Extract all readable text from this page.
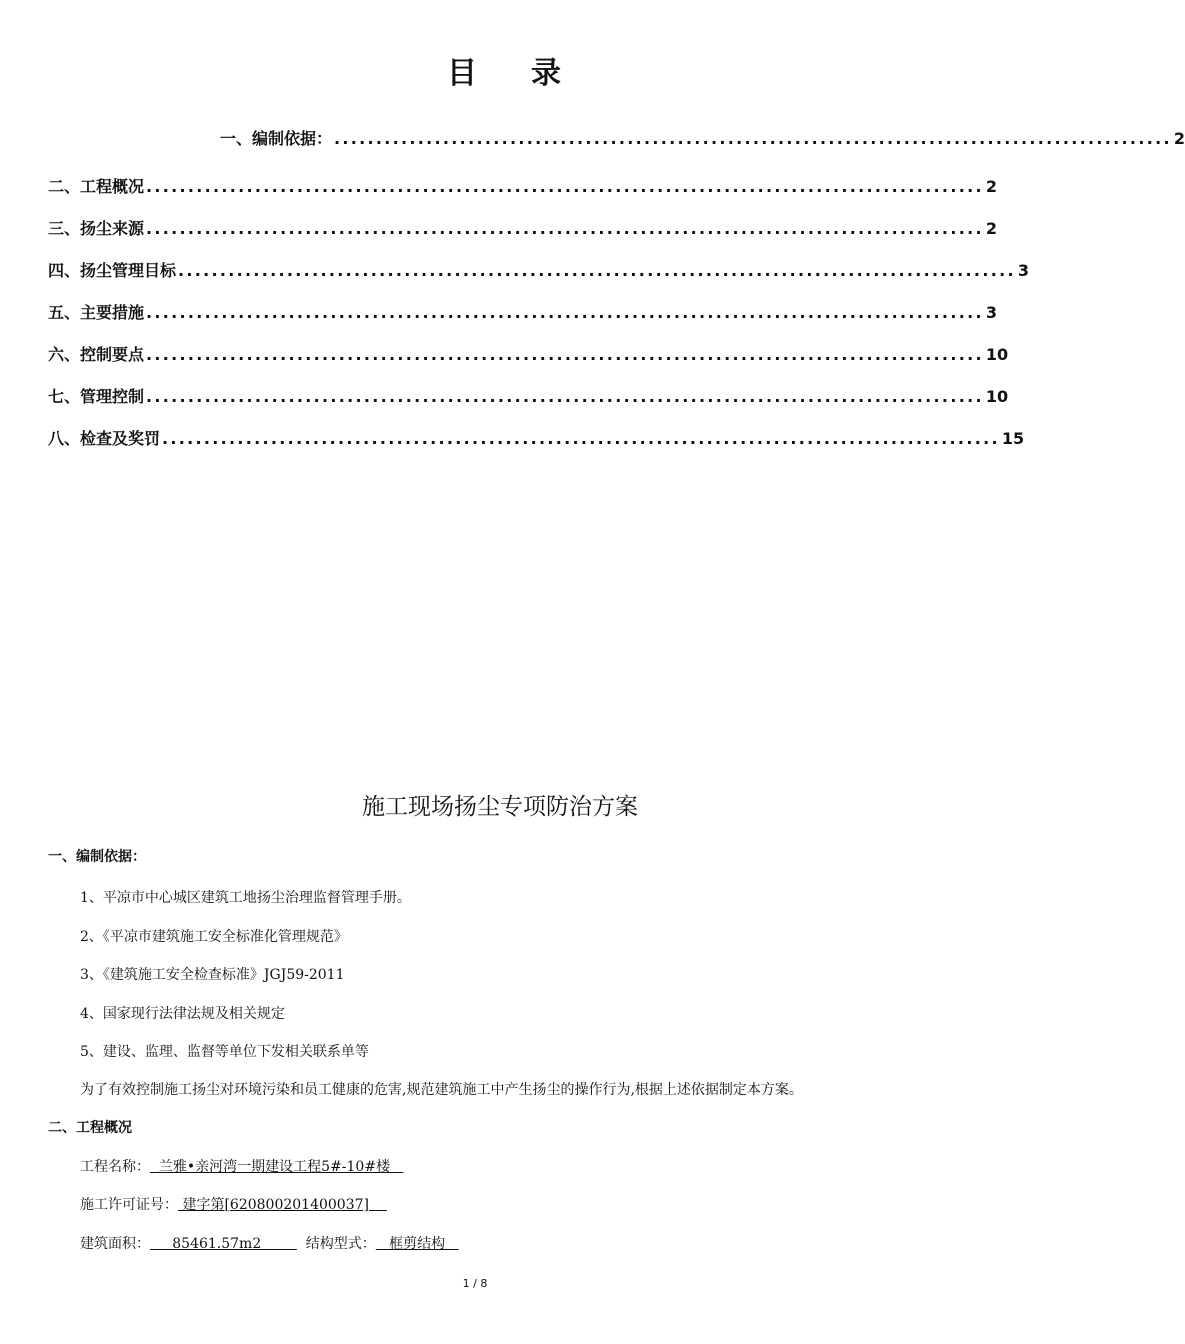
目 录
一、编制依据： .................................................................................................... 2
二、工程概况 .................................................................................................... 2
三、扬尘来源 .................................................................................................... 2
四、扬尘管理目标 .................................................................................................... 3
五、主要措施 .................................................................................................... 3
六、控制要点 .................................................................................................... 10
七、管理控制 .................................................................................................... 10
八、检查及奖罚 .................................................................................................... 15
施工现场扬尘专项防治方案
一、编制依据：
1、平凉市中心城区建筑工地扬尘治理监督管理手册。
2、《平凉市建筑施工安全标准化管理规范》
3、《建筑施工安全检查标准》JGJ59-2011
4、国家现行法律法规及相关规定
5、建设、监理、监督等单位下发相关联系单等
为了有效控制施工扬尘对环境污染和员工健康的危害,规范建筑施工中产生扬尘的操作行为,根据上述依据制定本方案。
二、工程概况
工程名称：  兰雅•亲河湾一期建设工程5#-10#楼
施工许可证号： 建字第[620800201400037]
建筑面积：     85461.57m2          结构型式：   框剪结构
1 / 8
